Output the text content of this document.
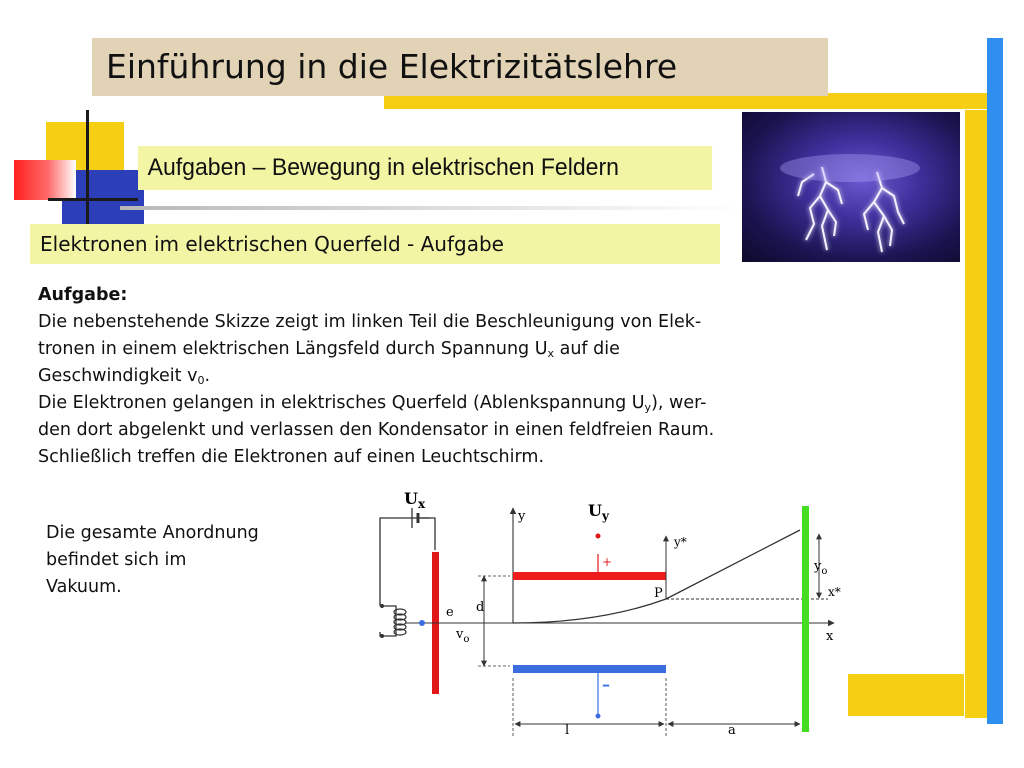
Einführung in die Elektrizitätslehre
Aufgaben – Bewegung in elektrischen Feldern
Elektronen im elektrischen Querfeld - Aufgabe
Aufgabe:
Die nebenstehende Skizze zeigt im linken Teil die Beschleunigung von Elek-
tronen in einem elektrischen Längsfeld durch Spannung $U_x$ auf die
Geschwindigkeit $v_0$.
Die Elektronen gelangen in elektrisches Querfeld (Ablenkspannung $U_y$), wer-
den dort abgelenkt und verlassen den Kondensator in einen feldfreien Raum.
Schließlich treffen die Elektronen auf einen Leuchtschirm.
Die gesamte Anordnung
befindet sich im
Vakuum.
$U_x$
e
$v_o$	x
y	$U_y$
+
–
d
y*
P	x*
$y_o$
l	a
